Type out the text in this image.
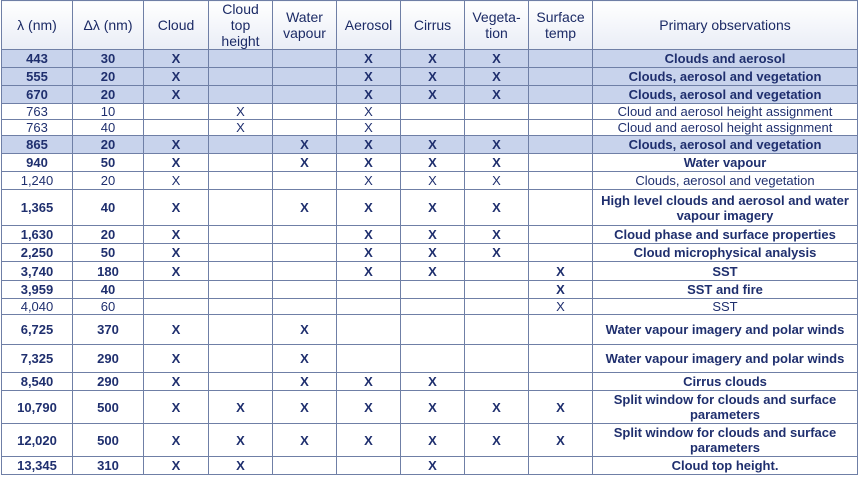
λ (nm)	Δλ (nm)	Cloud	Cloud top height	Water vapour	Aerosol	Cirrus	Vegeta-tion	Surface temp	Primary observations
443	30	X			X	X	X		Clouds and aerosol
555	20	X			X	X	X		Clouds, aerosol and vegetation
670	20	X			X	X	X		Clouds, aerosol and vegetation
763	10		X		X				Cloud and aerosol height assignment
763	40		X		X				Cloud and aerosol height assignment
865	20	X		X	X	X	X		Clouds, aerosol and vegetation
940	50	X		X	X	X	X		Water vapour
1,240	20	X			X	X	X		Clouds, aerosol and vegetation
1,365	40	X		X	X	X	X		High level clouds and aerosol and water vapour imagery
1,630	20	X			X	X	X		Cloud phase and surface properties
2,250	50	X			X	X	X		Cloud microphysical analysis
3,740	180	X			X	X		X	SST
3,959	40							X	SST and fire
4,040	60							X	SST
6,725	370	X		X					Water vapour imagery and polar winds
7,325	290	X		X					Water vapour imagery and polar winds
8,540	290	X		X	X	X			Cirrus clouds
10,790	500	X	X	X	X	X	X	X	Split window for clouds and surface parameters
12,020	500	X	X	X	X	X	X	X	Split window for clouds and surface parameters
13,345	310	X	X			X			Cloud top height.
